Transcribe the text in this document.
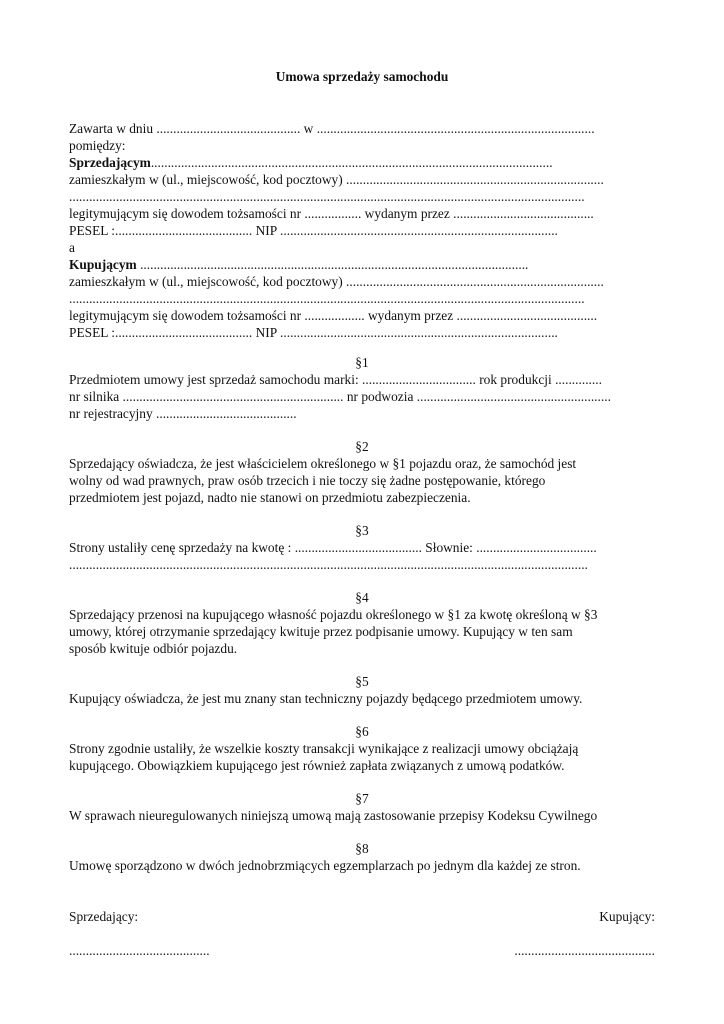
Umowa sprzedaży samochodu
Zawarta w dniu ........................................... w ...................................................................................
pomiędzy:
Sprzedającym........................................................................................................................
zamieszkałym w (ul., miejscowość, kod pocztowy) .............................................................................
..........................................................................................................................................................
legitymującym się dowodem tożsamości nr ................. wydanym przez ..........................................
PESEL :......................................... NIP ...................................................................................
a
Kupującym ....................................................................................................................
zamieszkałym w (ul., miejscowość, kod pocztowy) .............................................................................
..........................................................................................................................................................
legitymującym się dowodem tożsamości nr .................. wydanym przez ..........................................
PESEL :......................................... NIP ...................................................................................
§1
Przedmiotem umowy jest sprzedaż samochodu marki: .................................. rok produkcji ..............
nr silnika .................................................................. nr podwozia ..........................................................
nr rejestracyjny ..........................................
§2
Sprzedający oświadcza, że jest właścicielem określonego w §1 pojazdu oraz, że samochód jest
wolny od wad prawnych, praw osób trzecich i nie toczy się żadne postępowanie, którego
przedmiotem jest pojazd, nadto nie stanowi on przedmiotu zabezpieczenia.
§3
Strony ustaliły cenę sprzedaży na kwotę : ...................................... Słownie: ....................................
...........................................................................................................................................................
§4
Sprzedający przenosi na kupującego własność pojazdu określonego w §1 za kwotę określoną w §3
umowy, której otrzymanie sprzedający kwituje przez podpisanie umowy. Kupujący w ten sam
sposób kwituje odbiór pojazdu.
§5
Kupujący oświadcza, że jest mu znany stan techniczny pojazdy będącego przedmiotem umowy.
§6
Strony zgodnie ustaliły, że wszelkie koszty transakcji wynikające z realizacji umowy obciążają
kupującego. Obowiązkiem kupującego jest również zapłata związanych z umową podatków.
§7
W sprawach nieuregulowanych niniejszą umową mają zastosowanie przepisy Kodeksu Cywilnego
§8
Umowę sporządzono w dwóch jednobrzmiących egzemplarzach po jednym dla każdej ze stron.
Sprzedający:	Kupujący:
..........................................	..........................................
